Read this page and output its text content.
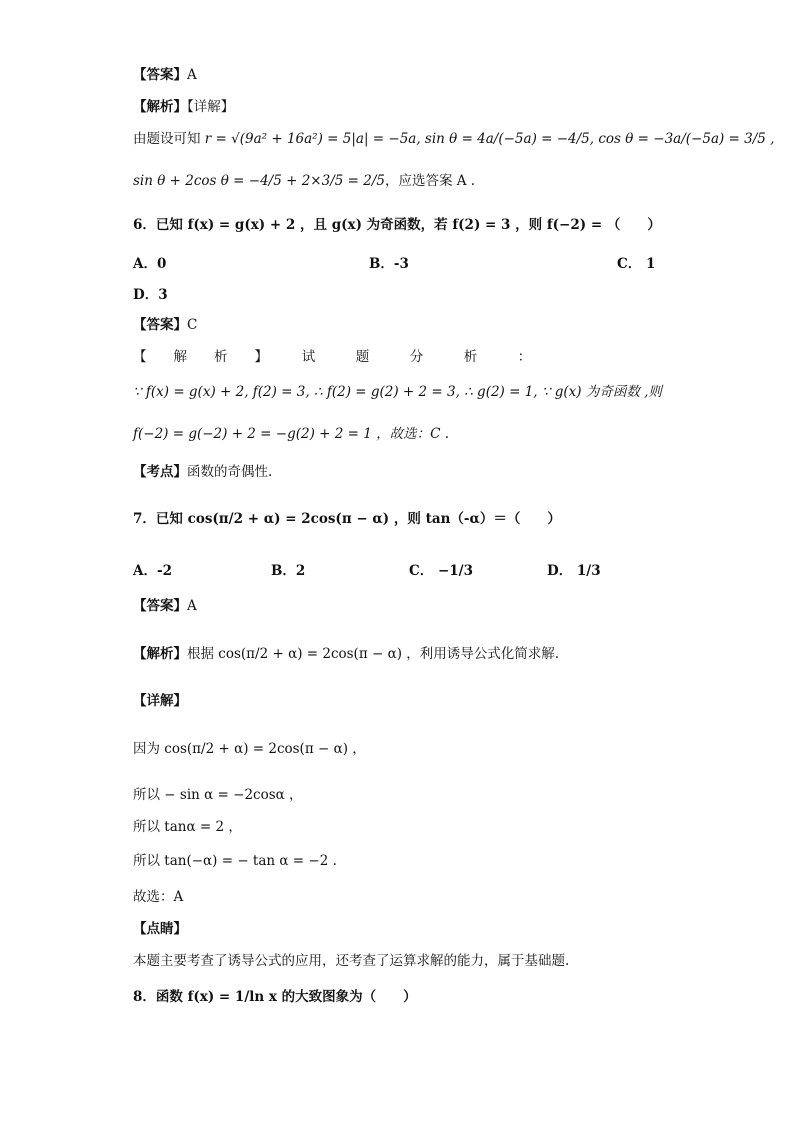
【答案】A
【解析】【详解】
由题设可知 r = √(9a² + 16a²) = 5|a| = −5a, sin θ = 4a/(−5a) = −4/5, cos θ = −3a/(−5a) = 3/5 ,
sin θ + 2cos θ = −4/5 + 2×3/5 = 2/5，应选答案 A .
6．已知 f(x) = g(x) + 2 ，且 g(x) 为奇函数，若 f(2) = 3 ，则 f(−2) = （　　）
A．0	B．-3	C． 1
D．3
【答案】C
【　　解　　析　　】　　　试　　　题　　　分　　　析　　　：
∵ f(x) = g(x) + 2, f(2) = 3, ∴ f(2) = g(2) + 2 = 3, ∴ g(2) = 1, ∵ g(x) 为奇函数 ,则
f(−2) = g(−2) + 2 = −g(2) + 2 = 1 ，故选：C .
【考点】函数的奇偶性.
7．已知 cos(π/2 + α) = 2cos(π − α) ，则 tan（-α）＝（　　）
A．-2	B．2	C． −1/3	D． 1/3
【答案】A
【解析】根据 cos(π/2 + α) = 2cos(π − α) ，利用诱导公式化简求解.
【详解】
因为 cos(π/2 + α) = 2cos(π − α) ，
所以 − sin α = −2cosα ，
所以 tanα = 2 ，
所以 tan(−α) = − tan α = −2 .
故选：A
【点睛】
本题主要考查了诱导公式的应用，还考查了运算求解的能力，属于基础题.
8．函数 f(x) = 1/ln x 的大致图象为（　　）
